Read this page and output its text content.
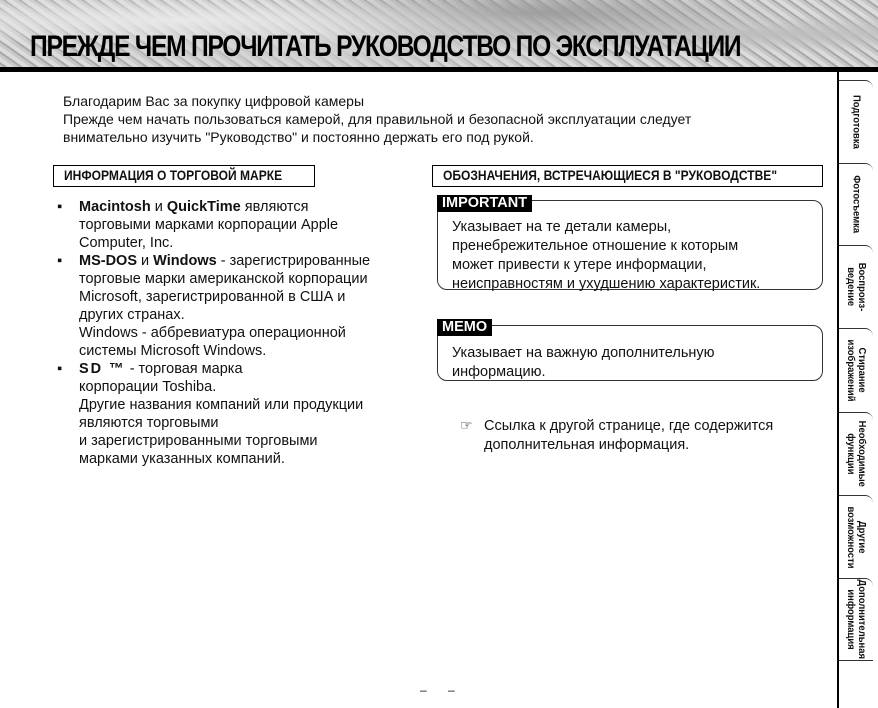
ПРЕЖДЕ ЧЕМ ПРОЧИТАТЬ РУКОВОДСТВО ПО ЭКСПЛУАТАЦИИ
Благодарим Вас за покупку цифровой камеры
Прежде чем начать пользоваться камерой, для правильной и безопасной эксплуатации следует
внимательно изучить "Руководство" и постоянно держать его под рукой.
ИНФОРМАЦИЯ О ТОРГОВОЙ МАРКЕ
▪ Macintosh и QuickTime являются
торговыми марками корпорации Apple
Computer, Inc.
▪ MS-DOS и Windows - зарегистрированные
торговые марки американской корпорации
Microsoft, зарегистрированной в США и
других странах.
Windows - аббревиатура операционной
системы Microsoft Windows.
▪ SD ™ - торговая марка
корпорации Toshiba.
Другие названия компаний или продукции
являются торговыми
и зарегистрированными торговыми
марками указанных компаний.
ОБОЗНАЧЕНИЯ, ВСТРЕЧАЮЩИЕСЯ В "РУКОВОДСТВЕ"
IMPORTANT
Указывает на те детали камеры,
пренебрежительное отношение к которым
может привести к утере информации,
неисправностям и ухудшению характеристик.
MEMO
Указывает на важную дополнительную
информацию.
☞ Ссылка к другой странице, где содержится
дополнительная информация.
Подготовка
Фотосъемка
Воспроиз-
ведение
Стирание
изображений
Необходимые
функции
Другие
возможности
Дополнительная
информация
– –
